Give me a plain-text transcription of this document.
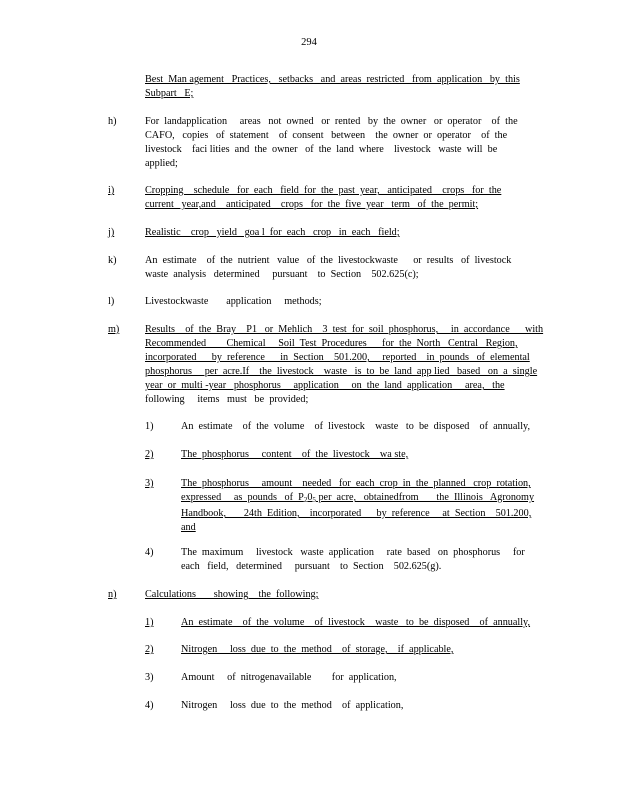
294
Best  Man agement   Practices,   setbacks   and  areas  restricted   from  application   by  this
Subpart   E;
h)	For  landapplication     areas   not  owned   or  rented   by  the  owner   or  operator    of  the
CAFO,   copies   of  statement    of  consent   between    the  owner  or  operator    of  the
livestock    faci lities  and  the  owner   of  the  land  where    livestock   waste  will  be
applied;
i)	Cropping    schedule   for  each   field  for  the  past  year,   anticipated    crops   for  the
current   year,and    anticipated    crops   for  the  five  year   term   of  the  permit;
j)	Realistic    crop   yield   goa l  for  each   crop   in  each   field;
k)	An  estimate    of  the  nutrient   value   of  the  livestockwaste      or  results   of  livestock
waste  analysis   determined     pursuant    to  Section    502.625(c);
l)	Livestockwaste       application     methods;
m)	Results    of  the  Bray    P1   or  Mehlich    3  test  for  soil  phosphorus,     in  accordance      with
Recommended        Chemical     Soil  Test  Procedures      for  the  North   Central   Region,
incorporated      by  reference      in  Section    501.200,     reported    in  pounds   of  elemental
phosphorus     per  acre.If    the  livestock    waste   is  to  be  land  app lied   based   on  a  single
year  or  multi -year   phosphorus     application     on  the  land  application     area,   the
following     items   must   be  provided;
1)	An  estimate    of  the  volume    of  livestock    waste   to  be  disposed    of  annually,
2)	The  phosphorus     content    of  the  livestock    wa ste,
3)	The  phosphorus     amount    needed   for  each  crop  in  the  planned   crop  rotation,
expressed     as  pounds   of  $P_20_5$ per  acre,   obtainedfrom       the  Illinois   Agronomy
Handbook,       24th  Edition,    incorporated      by  reference     at  Section    501.200,
and
4)	The  maximum     livestock   waste  application     rate  based   on  phosphorus     for
each   field,   determined     pursuant    to  Section    502.625(g).
n)	Calculations       showing    the  following;
1)	An  estimate    of  the  volume    of  livestock    waste   to  be  disposed    of  annually,
2)	Nitrogen     loss  due  to  the  method    of  storage,    if  applicable,
3)	Amount     of  nitrogenavailable        for  application,
4)	Nitrogen     loss  due  to  the  method    of  application,
